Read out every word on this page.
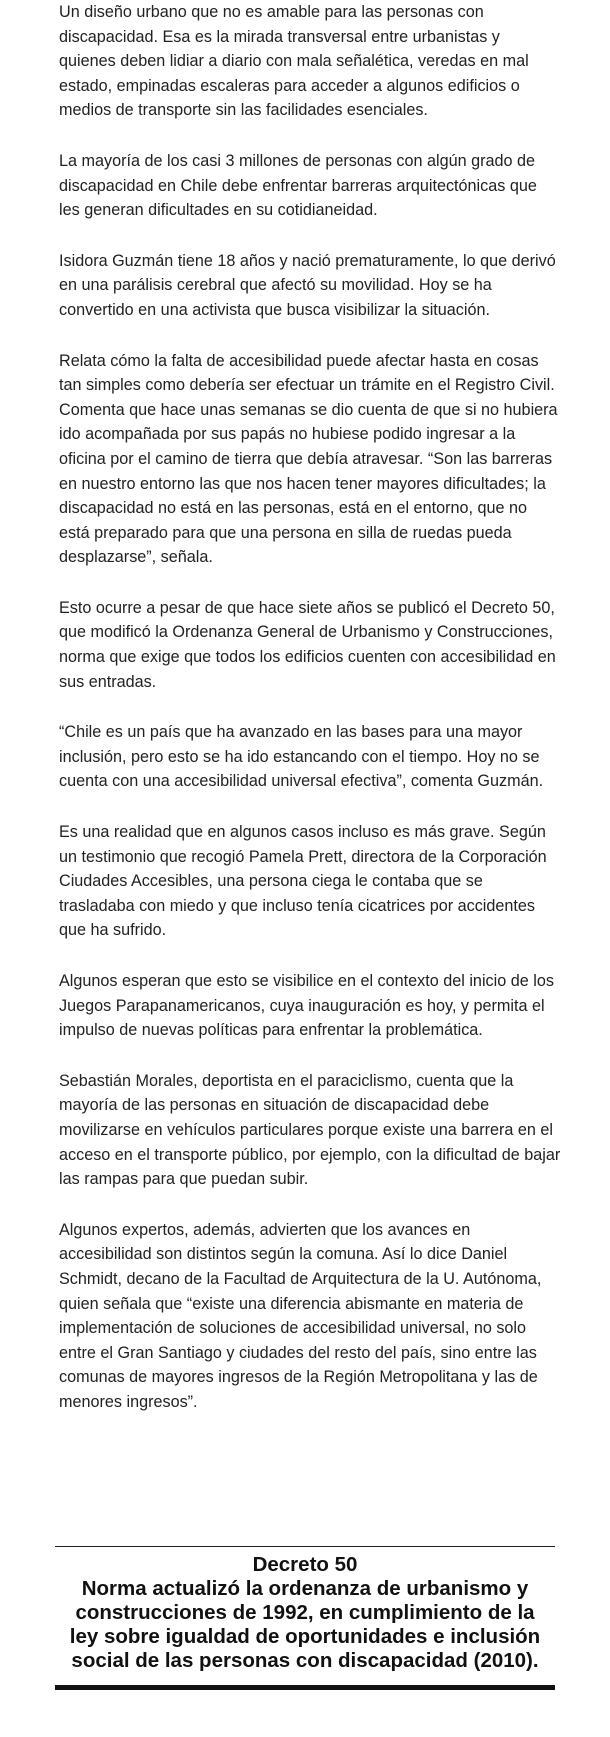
Un diseño urbano que no es amable para las personas con discapacidad. Esa es la mirada transversal entre urbanistas y quienes deben lidiar a diario con mala señalética, veredas en mal estado, empinadas escaleras para acceder a algunos edificios o medios de transporte sin las facilidades esenciales.

La mayoría de los casi 3 millones de personas con algún grado de discapacidad en Chile debe enfrentar barreras arquitectónicas que les generan dificultades en su cotidianeidad.

Isidora Guzmán tiene 18 años y nació prematuramente, lo que derivó en una parálisis cerebral que afectó su movilidad. Hoy se ha convertido en una activista que busca visibilizar la situación.

Relata cómo la falta de accesibilidad puede afectar hasta en cosas tan simples como debería ser efectuar un trámite en el Registro Civil. Comenta que hace unas semanas se dio cuenta de que si no hubiera ido acompañada por sus papás no hubiese podido ingresar a la oficina por el camino de tierra que debía atravesar. “Son las barreras en nuestro entorno las que nos hacen tener mayores dificultades; la discapacidad no está en las personas, está en el entorno, que no está preparado para que una persona en silla de ruedas pueda desplazarse”, señala.

Esto ocurre a pesar de que hace siete años se publicó el Decreto 50, que modificó la Ordenanza General de Urbanismo y Construcciones, norma que exige que todos los edificios cuenten con accesibilidad en sus entradas.

“Chile es un país que ha avanzado en las bases para una mayor inclusión, pero esto se ha ido estancando con el tiempo. Hoy no se cuenta con una accesibilidad universal efectiva”, comenta Guzmán.

Es una realidad que en algunos casos incluso es más grave. Según un testimonio que recogió Pamela Prett, directora de la Corporación Ciudades Accesibles, una persona ciega le contaba que se trasladaba con miedo y que incluso tenía cicatrices por accidentes que ha sufrido.

Algunos esperan que esto se visibilice en el contexto del inicio de los Juegos Parapanamericanos, cuya inauguración es hoy, y permita el impulso de nuevas políticas para enfrentar la problemática.

Sebastián Morales, deportista en el paraciclismo, cuenta que la mayoría de las personas en situación de discapacidad debe movilizarse en vehículos particulares porque existe una barrera en el acceso en el transporte público, por ejemplo, con la dificultad de bajar las rampas para que puedan subir.

Algunos expertos, además, advierten que los avances en accesibilidad son distintos según la comuna. Así lo dice Daniel Schmidt, decano de la Facultad de Arquitectura de la U. Autónoma, quien señala que “existe una diferencia abismante en materia de implementación de soluciones de accesibilidad universal, no solo entre el Gran Santiago y ciudades del resto del país, sino entre las comunas de mayores ingresos de la Región Metropolitana y las de menores ingresos”.

Decreto 50
Norma actualizó la ordenanza de urbanismo y construcciones de 1992, en cumplimiento de la ley sobre igualdad de oportunidades e inclusión social de las personas con discapacidad (2010).
